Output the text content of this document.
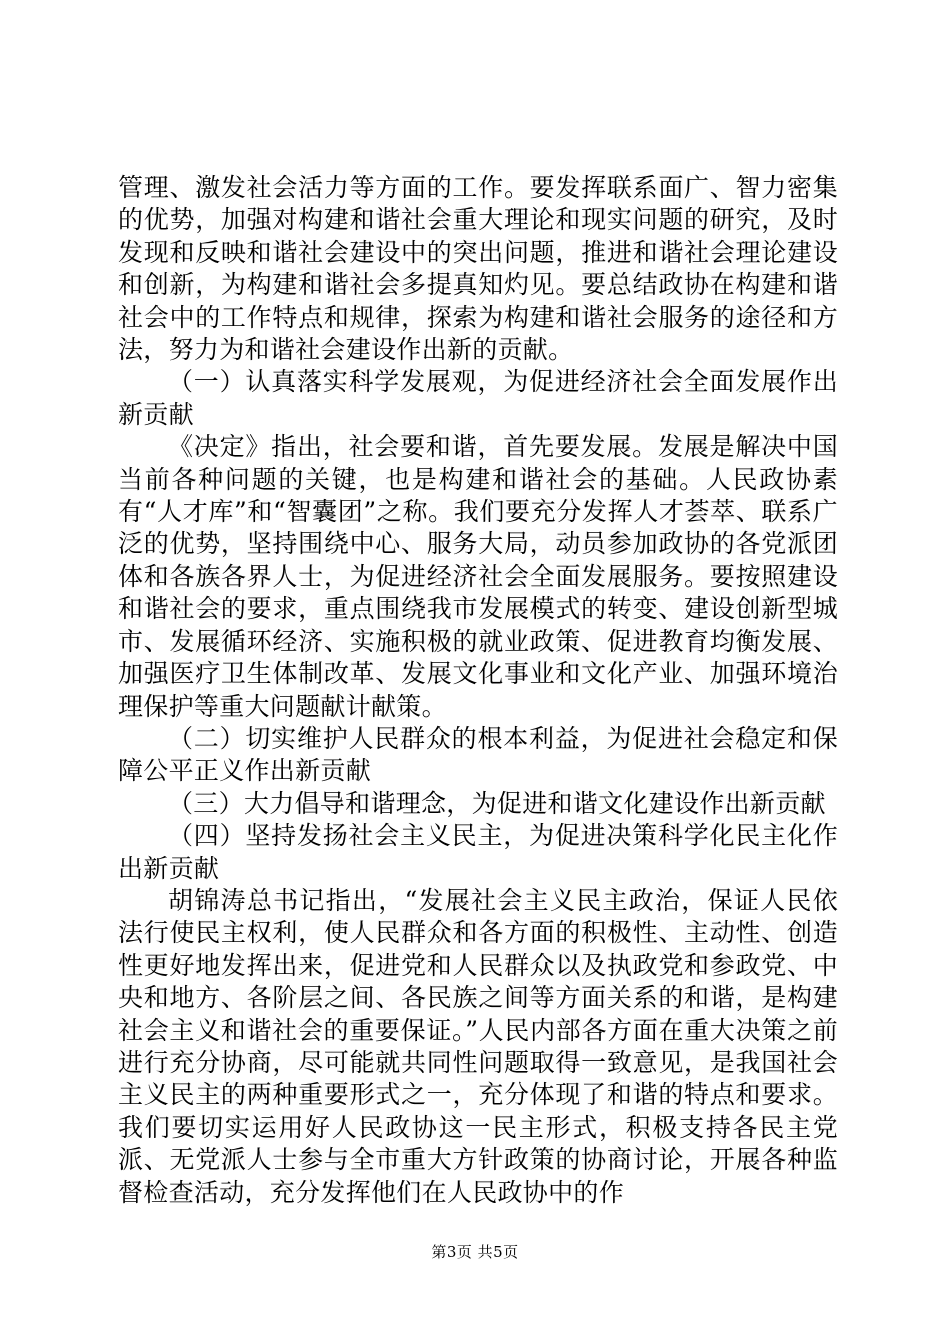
管理、激发社会活力等方面的工作。要发挥联系面广、智力密集的优势，加强对构建和谐社会重大理论和现实问题的研究，及时发现和反映和谐社会建设中的突出问题，推进和谐社会理论建设和创新，为构建和谐社会多提真知灼见。要总结政协在构建和谐社会中的工作特点和规律，探索为构建和谐社会服务的途径和方法，努力为和谐社会建设作出新的贡献。

（一）认真落实科学发展观，为促进经济社会全面发展作出新贡献

《决定》指出，社会要和谐，首先要发展。发展是解决中国当前各种问题的关键，也是构建和谐社会的基础。人民政协素有“人才库”和“智囊团”之称。我们要充分发挥人才荟萃、联系广泛的优势，坚持围绕中心、服务大局，动员参加政协的各党派团体和各族各界人士，为促进经济社会全面发展服务。要按照建设和谐社会的要求，重点围绕我市发展模式的转变、建设创新型城市、发展循环经济、实施积极的就业政策、促进教育均衡发展、加强医疗卫生体制改革、发展文化事业和文化产业、加强环境治理保护等重大问题献计献策。

（二）切实维护人民群众的根本利益，为促进社会稳定和保障公平正义作出新贡献

（三）大力倡导和谐理念，为促进和谐文化建设作出新贡献

（四）坚持发扬社会主义民主，为促进决策科学化民主化作出新贡献

胡锦涛总书记指出，“发展社会主义民主政治，保证人民依法行使民主权利，使人民群众和各方面的积极性、主动性、创造性更好地发挥出来，促进党和人民群众以及执政党和参政党、中央和地方、各阶层之间、各民族之间等方面关系的和谐，是构建社会主义和谐社会的重要保证。”人民内部各方面在重大决策之前进行充分协商，尽可能就共同性问题取得一致意见，是我国社会主义民主的两种重要形式之一，充分体现了和谐的特点和要求。我们要切实运用好人民政协这一民主形式，积极支持各民主党派、无党派人士参与全市重大方针政策的协商讨论，开展各种监督检查活动，充分发挥他们在人民政协中的作

第3页 共5页
